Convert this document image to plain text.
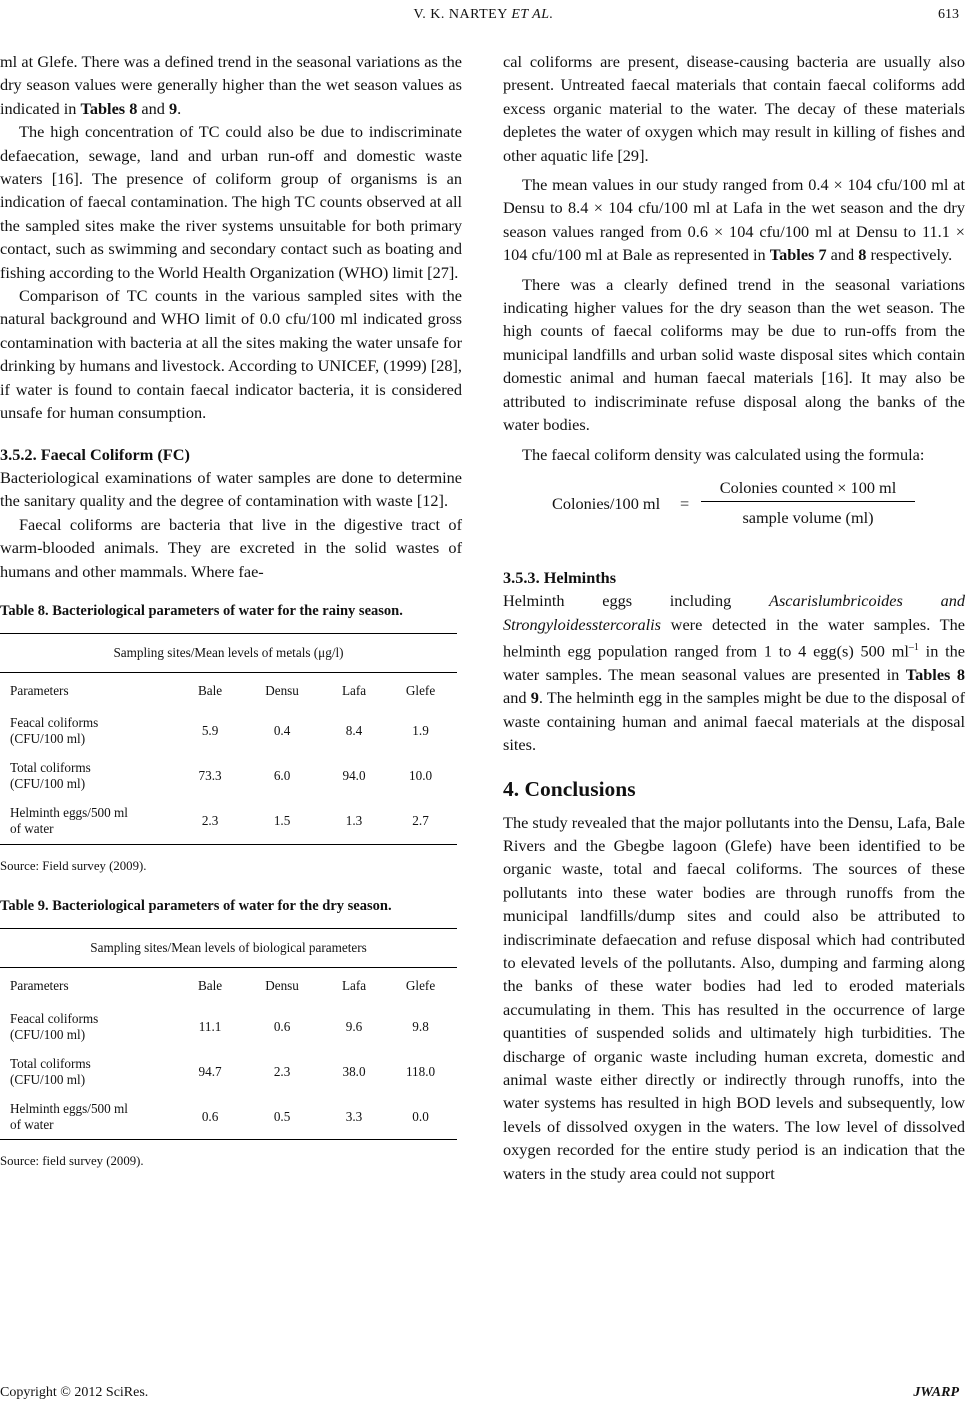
V. K. NARTEY ET AL.	613

ml at Glefe. There was a defined trend in the seasonal variations as the dry season values were generally higher than the wet season values as indicated in Tables 8 and 9.

The high concentration of TC could also be due to indiscriminate defaecation, sewage, land and urban run-off and domestic waste waters [16]. The presence of coliform group of organisms is an indication of faecal contamination. The high TC counts observed at all the sampled sites make the river systems unsuitable for both primary contact, such as swimming and secondary contact such as boating and fishing according to the World Health Organization (WHO) limit [27].

Comparison of TC counts in the various sampled sites with the natural background and WHO limit of 0.0 cfu/100 ml indicated gross contamination with bacteria at all the sites making the water unsafe for drinking by humans and livestock. According to UNICEF, (1999) [28], if water is found to contain faecal indicator bacteria, it is considered unsafe for human consumption.

3.5.2. Faecal Coliform (FC)

Bacteriological examinations of water samples are done to determine the sanitary quality and the degree of contamination with waste [12].

Faecal coliforms are bacteria that live in the digestive tract of warm-blooded animals. They are excreted in the solid wastes of humans and other mammals. Where fae-

Table 8. Bacteriological parameters of water for the rainy season.
Sampling sites/Mean levels of metals (μg/l)				
Parameters	Bale	Densu	Lafa	Glefe
Feacal coliforms
(CFU/100 ml)	5.9	0.4	8.4	1.9
Total coliforms
(CFU/100 ml)	73.3	6.0	94.0	10.0
Helminth eggs/500 ml
of water	2.3	1.5	1.3	2.7
Source: Field survey (2009).
Table 9. Bacteriological parameters of water for the dry season.
Sampling sites/Mean levels of biological parameters				
Parameters	Bale	Densu	Lafa	Glefe
Feacal coliforms
(CFU/100 ml)	11.1	0.6	9.6	9.8
Total coliforms
(CFU/100 ml)	94.7	2.3	38.0	118.0
Helminth eggs/500 ml
of water	0.6	0.5	3.3	0.0
Source: field survey (2009).

cal coliforms are present, disease-causing bacteria are usually also present. Untreated faecal materials that contain faecal coliforms add excess organic material to the water. The decay of these materials depletes the water of oxygen which may result in killing of fishes and other aquatic life [29].

The mean values in our study ranged from 0.4 × 104 cfu/100 ml at Densu to 8.4 × 104 cfu/100 ml at Lafa in the wet season and the dry season values ranged from 0.6 × 104 cfu/100 ml at Densu to 11.1 × 104 cfu/100 ml at Bale as represented in Tables 7 and 8 respectively.

There was a clearly defined trend in the seasonal variations indicating higher values for the dry season than the wet season. The high counts of faecal coliforms may be due to run-offs from the municipal landfills and urban solid waste disposal sites which contain domestic animal and human faecal materials [16]. It may also be attributed to indiscriminate refuse disposal along the banks of the water bodies.

The faecal coliform density was calculated using the formula:

Colonies/100 ml =
Colonies counted × 100 ml
sample volume (ml)
3.5.3. Helminths

Helminth eggs including Ascarislumbricoides and Strongyloidesstercoralis were detected in the water samples. The helminth egg population ranged from 1 to 4 egg(s) 500 $ml^{-1}$ in the water samples. The mean seasonal values are presented in Tables 8 and 9. The helminth egg in the samples might be due to the disposal of waste containing human and animal faecal materials at the disposal sites.

4. Conclusions

The study revealed that the major pollutants into the Densu, Lafa, Bale Rivers and the Gbegbe lagoon (Glefe) have been identified to be organic waste, total and faecal coliforms. The sources of these pollutants into these water bodies are through runoffs from the municipal landfills/dump sites and could also be attributed to indiscriminate defaecation and refuse disposal which had contributed to elevated levels of the pollutants. Also, dumping and farming along the banks of these water bodies had led to eroded materials accumulating in them. This has resulted in the occurrence of large quantities of suspended solids and ultimately high turbidities. The discharge of organic waste including human excreta, domestic and animal waste either directly or indirectly through runoffs, into the water systems has resulted in high BOD levels and subsequently, low levels of dissolved oxygen in the waters. The low level of dissolved oxygen recorded for the entire study period is an indication that the waters in the study area could not support

Copyright © 2012 SciRes.	JWARP
